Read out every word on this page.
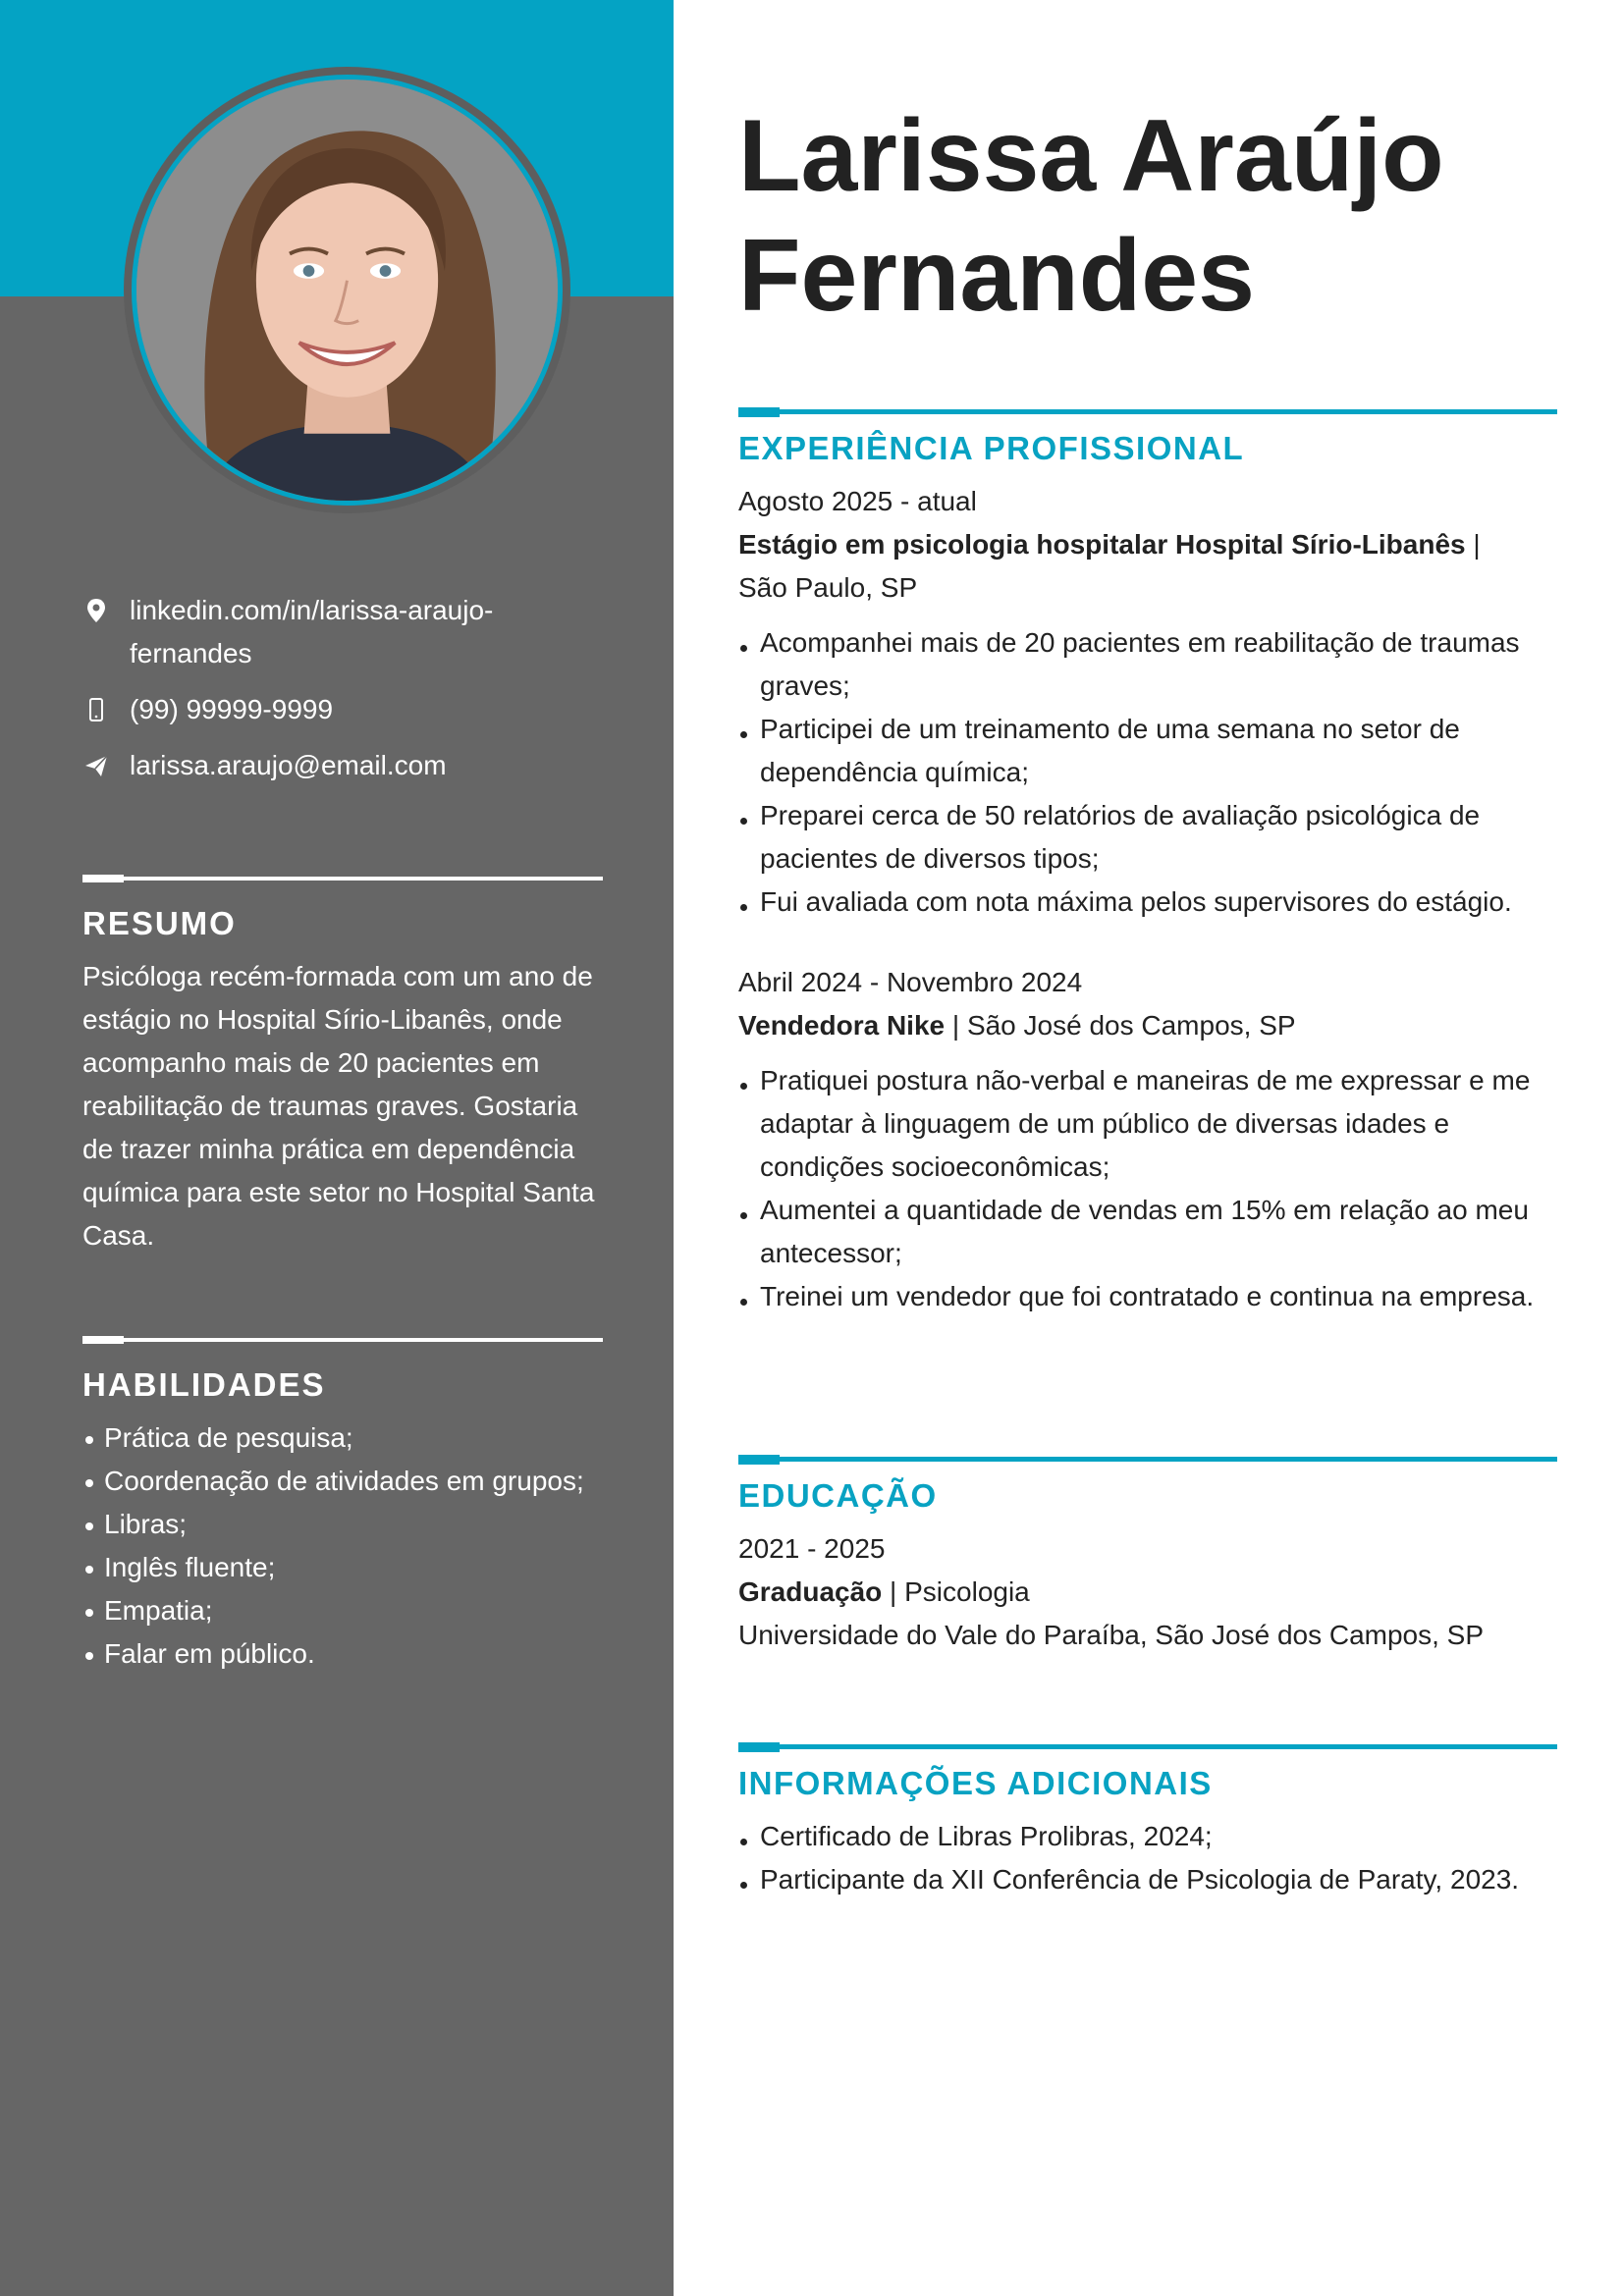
linkedin.com/in/larissa-araujo-fernandes
(99) 99999-9999
larissa.araujo@email.com
RESUMO
Psicóloga recém-formada com um ano de estágio no Hospital Sírio-Libanês, onde acompanho mais de 20 pacientes em reabilitação de traumas graves. Gostaria de trazer minha prática em dependência química para este setor no Hospital Santa Casa.
HABILIDADES
Prática de pesquisa;
Coordenação de atividades em grupos;
Libras;
Inglês fluente;
Empatia;
Falar em público.
Larissa Araújo
Fernandes
EXPERIÊNCIA PROFISSIONAL
Agosto 2025 - atual
Estágio em psicologia hospitalar Hospital Sírio-Libanês |
São Paulo, SP
Acompanhei mais de 20 pacientes em reabilitação de traumas graves;
Participei de um treinamento de uma semana no setor de dependência química;
Preparei cerca de 50 relatórios de avaliação psicológica de pacientes de diversos tipos;
Fui avaliada com nota máxima pelos supervisores do estágio.
Abril 2024 - Novembro 2024
Vendedora Nike | São José dos Campos, SP
Pratiquei postura não-verbal e maneiras de me expressar e me adaptar à linguagem de um público de diversas idades e condições socioeconômicas;
Aumentei a quantidade de vendas em 15% em relação ao meu antecessor;
Treinei um vendedor que foi contratado e continua na empresa.
EDUCAÇÃO
2021 - 2025
Graduação | Psicologia
Universidade do Vale do Paraíba, São José dos Campos, SP
INFORMAÇÕES ADICIONAIS
Certificado de Libras Prolibras, 2024;
Participante da XII Conferência de Psicologia de Paraty, 2023.
